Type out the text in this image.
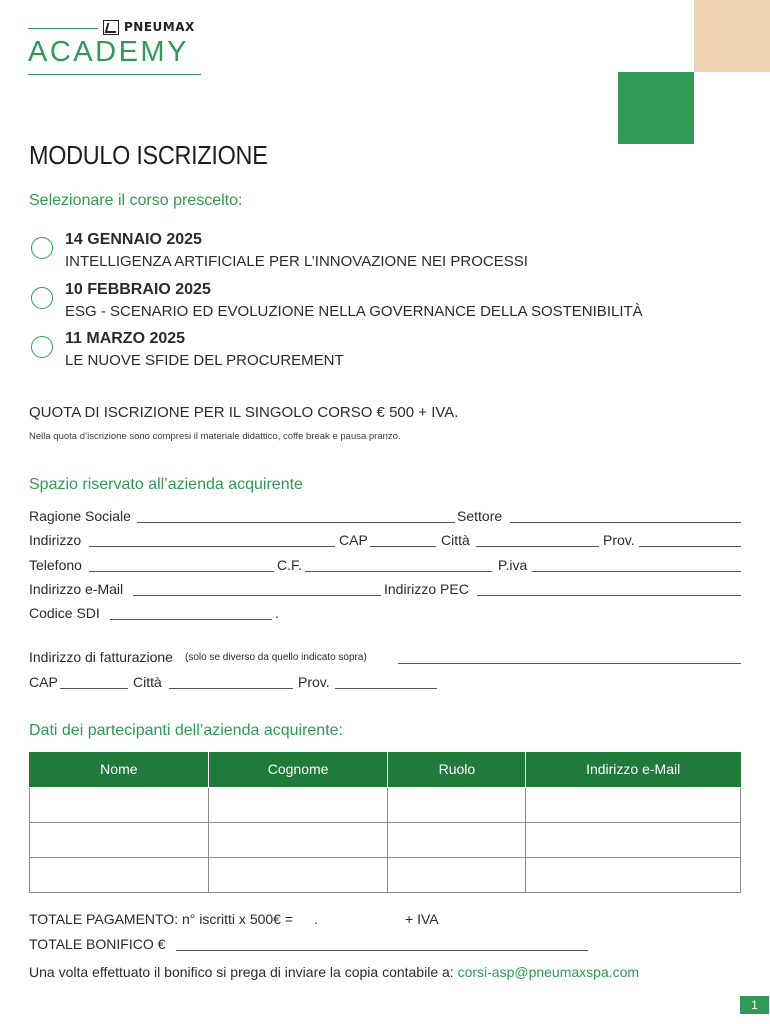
PNEUMAX
ACADEMY
MODULO ISCRIZIONE
Selezionare il corso prescelto:
14 GENNAIO 2025
INTELLIGENZA ARTIFICIALE PER L’INNOVAZIONE NEI PROCESSI
10 FEBBRAIO 2025
ESG - SCENARIO ED EVOLUZIONE NELLA GOVERNANCE DELLA SOSTENIBILITÀ
11 MARZO 2025
LE NUOVE SFIDE DEL PROCUREMENT
QUOTA DI ISCRIZIONE PER IL SINGOLO CORSO € 500 + IVA.
Nella quota d’iscrizione sono compresi il materiale didattico, coffe break e pausa pranzo.
Spazio riservato all’azienda acquirente
Ragione Sociale	Settore
Indirizzo	CAP	Città	Prov.
Telefono	C.F.	P.iva
Indirizzo e-Mail	Indirizzo PEC
Codice SDI	.
Indirizzo di fatturazione (solo se diverso da quello indicato sopra)
CAP	Città	Prov.
Dati dei partecipanti dell’azienda acquirente:
Nome	Cognome	Ruolo	Indirizzo e-Mail

TOTALE PAGAMENTO: n° iscritti x 500€ = .	+ IVA
TOTALE BONIFICO €
Una volta effettuato il bonifico si prega di inviare la copia contabile a: corsi-asp@pneumaxspa.com
1
